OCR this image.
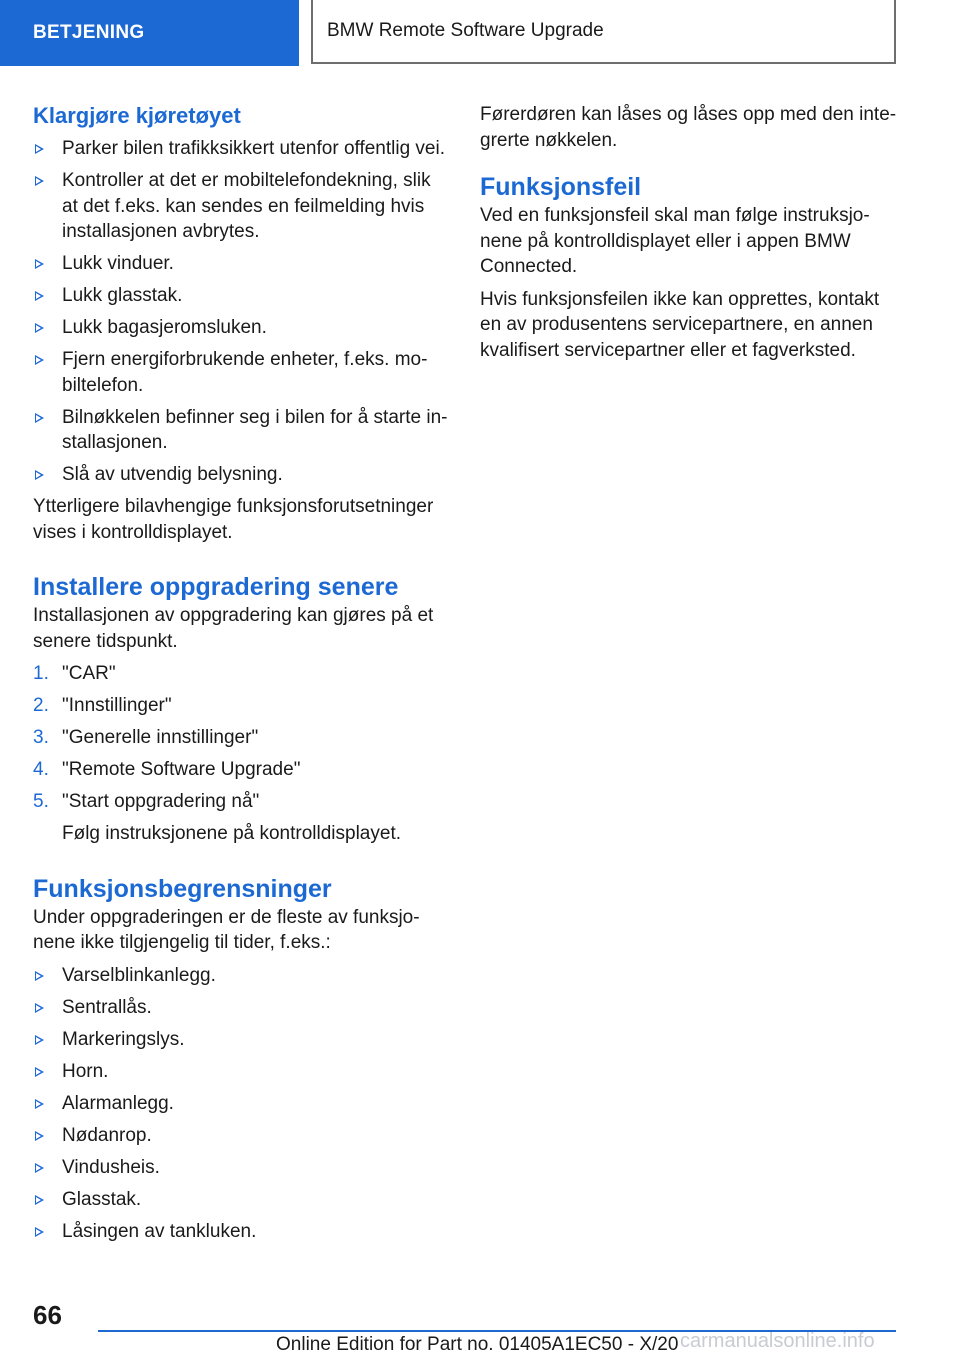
BETJENING	BMW Remote Software Upgrade
Klargjøre kjøretøyet
Parker bilen trafikksikkert utenfor offentlig vei.
Kontroller at det er mobiltelefondekning, slik at det f.eks. kan sendes en feilmelding hvis installasjonen avbrytes.
Lukk vinduer.
Lukk glasstak.
Lukk bagasjeromsluken.
Fjern energiforbrukende enheter, f.eks. mo-biltelefon.
Bilnøkkelen befinner seg i bilen for å starte in-stallasjonen.
Slå av utvendig belysning.

Ytterligere bilavhengige funksjonsforutsetninger vises i kontrolldisplayet.

Installere oppgradering senere

Installasjonen av oppgradering kan gjøres på et senere tidspunkt.

1. "CAR"
2. "Innstillinger"
3. "Generelle innstillinger"
4. "Remote Software Upgrade"
5. "Start oppgradering nå"
Følg instruksjonene på kontrolldisplayet.
Funksjonsbegrensninger

Under oppgraderingen er de fleste av funksjo-nene ikke tilgjengelig til tider, f.eks.:

Varselblinkanlegg.
Sentrallås.
Markeringslys.
Horn.
Alarmanlegg.
Nødanrop.
Vindusheis.
Glasstak.
Låsingen av tankluken.

Førerdøren kan låses og låses opp med den inte-grerte nøkkelen.

Funksjonsfeil

Ved en funksjonsfeil skal man følge instruksjo-nene på kontrolldisplayet eller i appen BMW Connected.

Hvis funksjonsfeilen ikke kan opprettes, kontakt en av produsentens servicepartnere, en annen kvalifisert servicepartner eller et fagverksted.

66
Online Edition for Part no. 01405A1EC50 - X/20 carmanualsonline.info
